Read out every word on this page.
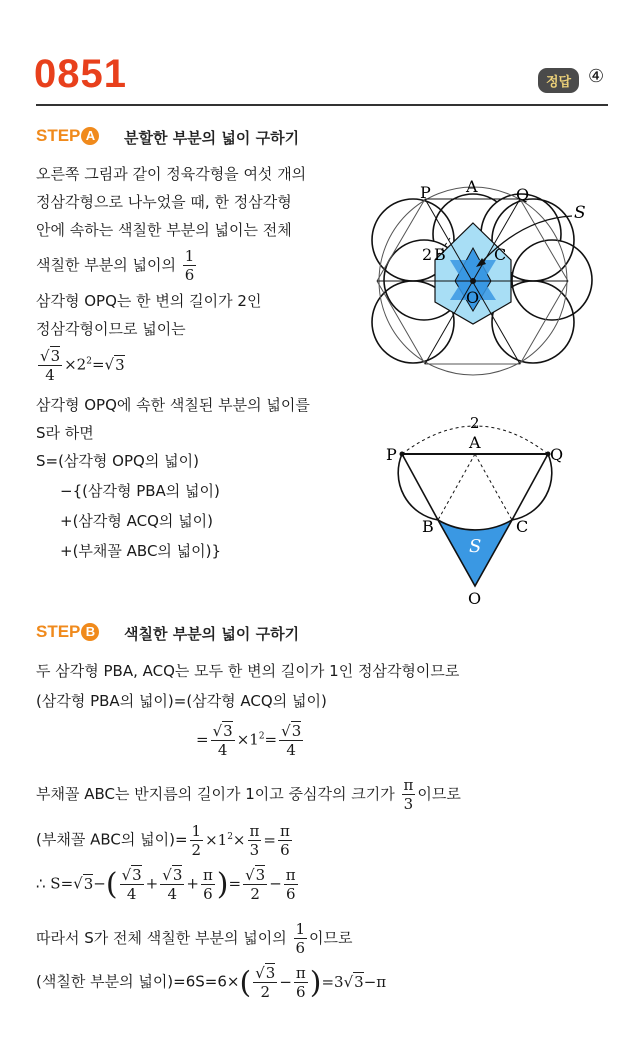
0851	정답 ④
STEP A 분할한 부분의 넓이 구하기
오른쪽 그림과 같이 정육각형을 여섯 개의
정삼각형으로 나누었을 때, 한 정삼각형
안에 속하는 색칠한 부분의 넓이는 전체
색칠한 부분의 넓이의 $\frac{1}{6}$
삼각형 OPQ는 한 변의 길이가 2인
정삼각형이므로 넓이는
$\frac{√3}{4} \times 2^2=√3$
삼각형 OPQ에 속한 색칠된 부분의 넓이를
S라 하면
S=(삼각형 OPQ의 넓이)
−{(삼각형 PBA의 넓이)
+(삼각형 ACQ의 넓이)
+(부채꼴 ABC의 넓이)}
P A Q
S
2 B	C
O
2
P
A
Q
B	C
S
O
STEP B 색칠한 부분의 넓이 구하기
두 삼각형 PBA, ACQ는 모두 한 변의 길이가 1인 정삼각형이므로
(삼각형 PBA의 넓이)=(삼각형 ACQ의 넓이)
= $\frac{√3}{4} \times 1^2= \frac{√3}{4}$
부채꼴 ABC는 반지름의 길이가 1이고 중심각의 크기가 $\frac{\pi}{3}$ 이므로
(부채꼴 ABC의 넓이)= $\frac{1}{2} \times 1^2\times \frac{\pi}{3} = \frac{\pi}{6}$
∴ $S=√3-( \frac{√3}{4} + \frac{√3}{4} + \frac{\pi}{6}$ )= $\frac{√3}{2} - \frac{\pi}{6}$
따라서 S가 전체 색칠한 부분의 넓이의 $\frac{1}{6}$ 이므로
(색칠한 부분의 넓이)$=6S=6\times( \frac{√3}{2} - \frac{\pi}{6} )=3√3-\pi$
